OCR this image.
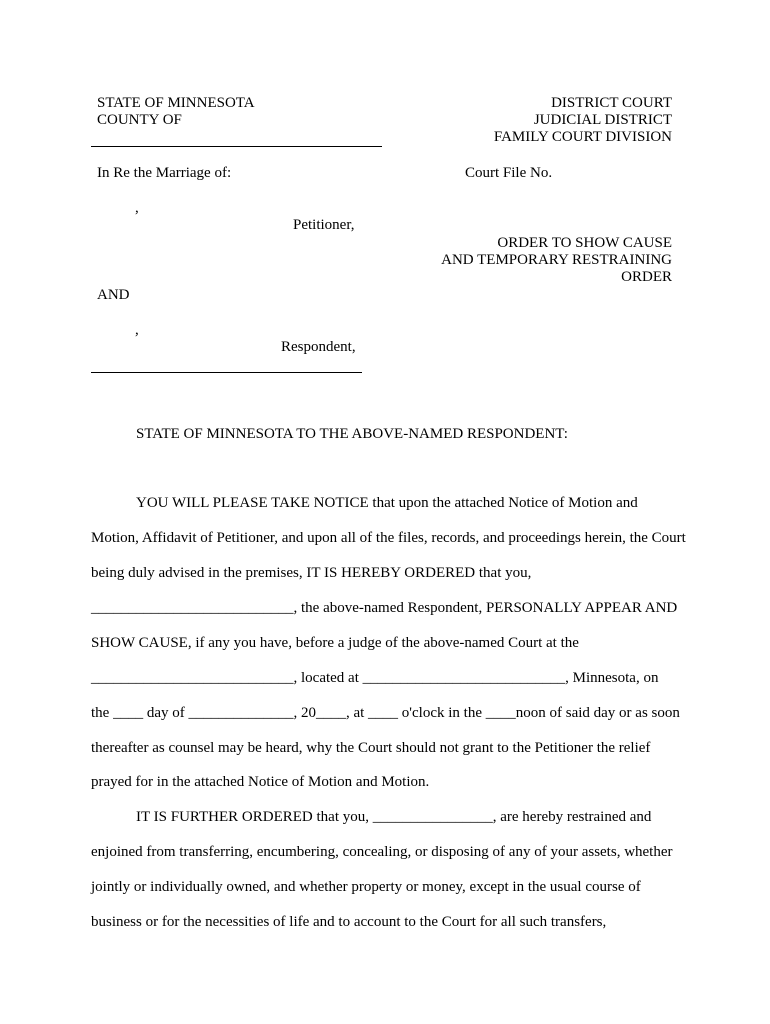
STATE OF MINNESOTA
COUNTY OF
DISTRICT COURT
JUDICIAL DISTRICT
FAMILY COURT DIVISION
In Re the Marriage of:	Court File No.
,
Petitioner,
ORDER TO SHOW CAUSE
AND TEMPORARY RESTRAINING
ORDER
AND
,
Respondent,
STATE OF MINNESOTA TO THE ABOVE-NAMED RESPONDENT:
YOU WILL PLEASE TAKE NOTICE that upon the attached Notice of Motion and
Motion, Affidavit of Petitioner, and upon all of the files, records, and proceedings herein, the Court
being duly advised in the premises, IT IS HEREBY ORDERED that you,
___________________________, the above-named Respondent, PERSONALLY APPEAR AND
SHOW CAUSE, if any you have, before a judge of the above-named Court at the
___________________________, located at ___________________________, Minnesota, on
the ____ day of ______________, 20____, at ____ o'clock in the ____noon of said day or as soon
thereafter as counsel may be heard, why the Court should not grant to the Petitioner the relief
prayed for in the attached Notice of Motion and Motion.
IT IS FURTHER ORDERED that you, ________________, are hereby restrained and
enjoined from transferring, encumbering, concealing, or disposing of any of your assets, whether
jointly or individually owned, and whether property or money, except in the usual course of
business or for the necessities of life and to account to the Court for all such transfers,
